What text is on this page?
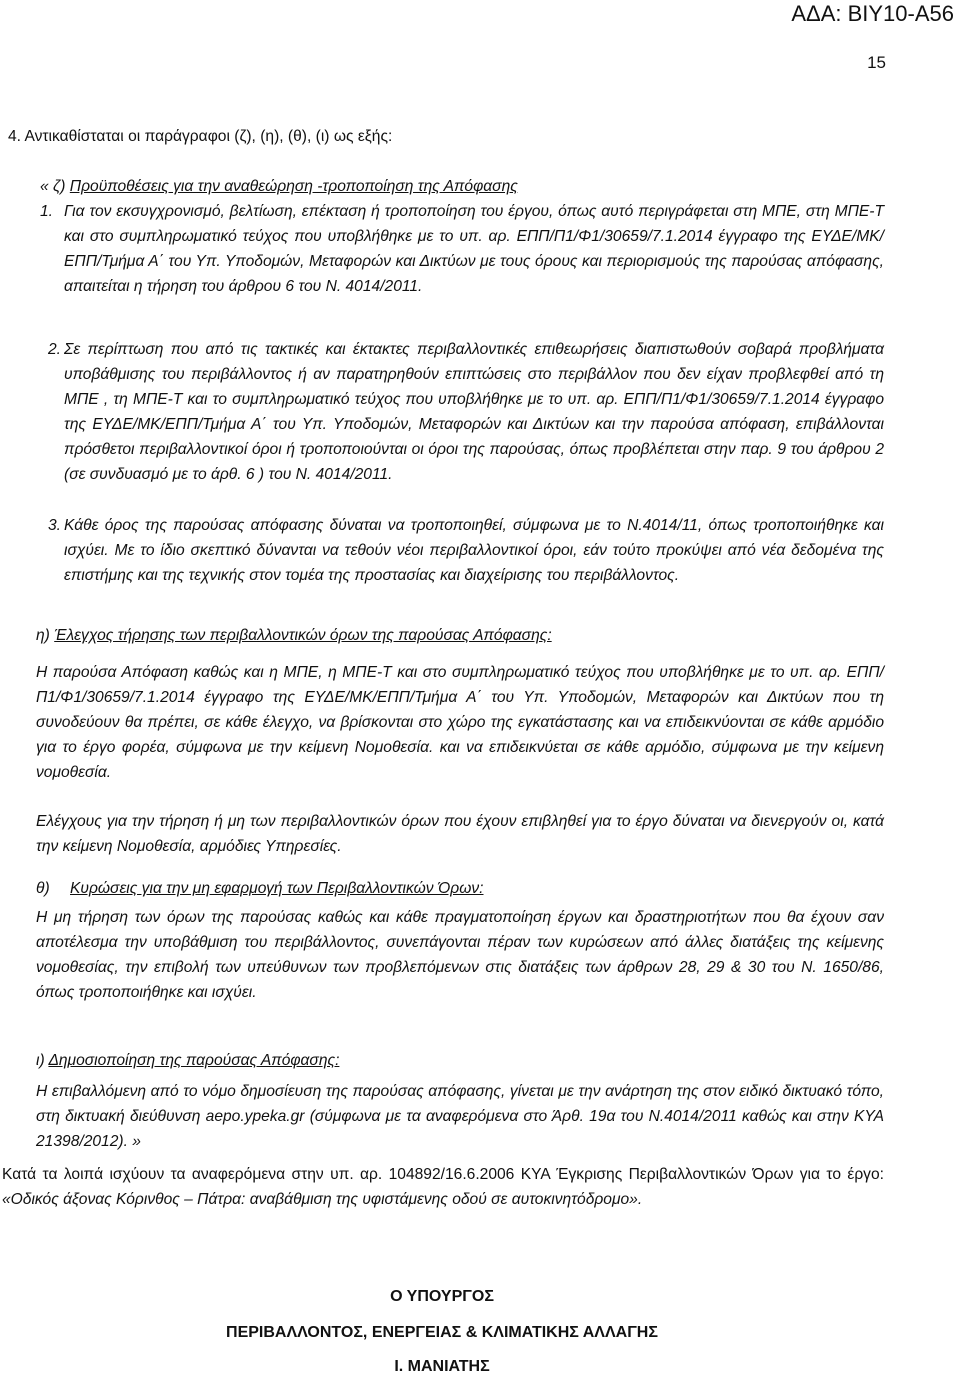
ΑΔΑ: ΒΙΥ10-Α56
15

4. Αντικαθίσταται οι παράγραφοι (ζ), (η), (θ), (ι) ως εξής:

« ζ) Προϋποθέσεις για την αναθεώρηση -τροποποίηση της Απόφασης

1. Για τον εκσυγχρονισμό, βελτίωση, επέκταση ή τροποποίηση του έργου, όπως αυτό περιγράφεται στη ΜΠΕ, στη ΜΠΕ-Τ και στο συμπληρωματικό τεύχος που υποβλήθηκε με το υπ. αρ. ΕΠΠ/Π1/Φ1/30659/7.1.2014 έγγραφο της ΕΥΔΕ/ΜΚ/ΕΠΠ/Τμήμα Α΄ του Υπ. Υποδομών, Μεταφορών και Δικτύων με τους όρους και περιορισμούς της παρούσας απόφασης, απαιτείται η τήρηση του άρθρου 6 του Ν. 4014/2011.

2. Σε περίπτωση που από τις τακτικές και έκτακτες περιβαλλοντικές επιθεωρήσεις διαπιστωθούν σοβαρά προβλήματα υποβάθμισης του περιβάλλοντος ή αν παρατηρηθούν επιπτώσεις στο περιβάλλον που δεν είχαν προβλεφθεί από τη ΜΠΕ , τη ΜΠΕ-Τ και το συμπληρωματικό τεύχος που υποβλήθηκε με το υπ. αρ. ΕΠΠ/Π1/Φ1/30659/7.1.2014 έγγραφο της ΕΥΔΕ/ΜΚ/ΕΠΠ/Τμήμα Α΄ του Υπ. Υποδομών, Μεταφορών και Δικτύων και την παρούσα απόφαση, επιβάλλονται πρόσθετοι περιβαλλοντικοί όροι ή τροποποιούνται οι όροι της παρούσας, όπως προβλέπεται στην παρ. 9 του άρθρου 2 (σε συνδυασμό με το άρθ. 6 ) του Ν. 4014/2011.

3. Κάθε όρος της παρούσας απόφασης δύναται να τροποποιηθεί, σύμφωνα με το Ν.4014/11, όπως τροποποιήθηκε και ισχύει. Με το ίδιο σκεπτικό δύνανται να τεθούν νέοι περιβαλλοντικοί όροι, εάν τούτο προκύψει από νέα δεδομένα της επιστήμης και της τεχνικής στον τομέα της προστασίας και διαχείρισης του περιβάλλοντος.

η) Έλεγχος τήρησης των περιβαλλοντικών όρων της παρούσας Απόφασης:

Η παρούσα Απόφαση καθώς και η ΜΠΕ, η ΜΠΕ-Τ και στο συμπληρωματικό τεύχος που υποβλήθηκε με το υπ. αρ. ΕΠΠ/Π1/Φ1/30659/7.1.2014 έγγραφο της ΕΥΔΕ/ΜΚ/ΕΠΠ/Τμήμα Α΄ του Υπ. Υποδομών, Μεταφορών και Δικτύων που τη συνοδεύουν θα πρέπει, σε κάθε έλεγχο, να βρίσκονται στο χώρο της εγκατάστασης και να επιδεικνύονται σε κάθε αρμόδιο για το έργο φορέα, σύμφωνα με την κείμενη Νομοθεσία. και να επιδεικνύεται σε κάθε αρμόδιο, σύμφωνα με την κείμενη νομοθεσία.

Ελέγχους για την τήρηση ή μη των περιβαλλοντικών όρων που έχουν επιβληθεί για το έργο δύναται να διενεργούν οι, κατά την κείμενη Νομοθεσία, αρμόδιες Υπηρεσίες.

θ) Κυρώσεις για την μη εφαρμογή των Περιβαλλοντικών Όρων:

Η μη τήρηση των όρων της παρούσας καθώς και κάθε πραγματοποίηση έργων και δραστηριοτήτων που θα έχουν σαν αποτέλεσμα την υποβάθμιση του περιβάλλοντος, συνεπάγονται πέραν των κυρώσεων από άλλες διατάξεις της κείμενης νομοθεσίας, την επιβολή των υπεύθυνων των προβλεπόμενων στις διατάξεις των άρθρων 28, 29 & 30 του Ν. 1650/86, όπως τροποποιήθηκε και ισχύει.

ι) Δημοσιοποίηση της παρούσας Απόφασης:

Η επιβαλλόμενη από το νόμο δημοσίευση της παρούσας απόφασης, γίνεται με την ανάρτηση της στον ειδικό δικτυακό τόπο, στη δικτυακή διεύθυνση aepo.ypeka.gr (σύμφωνα με τα αναφερόμενα στο Άρθ. 19α του Ν.4014/2011 καθώς και στην ΚΥΑ 21398/2012). »

Κατά τα λοιπά ισχύουν τα αναφερόμενα στην υπ. αρ. 104892/16.6.2006 ΚΥΑ Έγκρισης Περιβαλλοντικών Όρων για το έργο: «Οδικός άξονας Κόρινθος – Πάτρα: αναβάθμιση της υφιστάμενης οδού σε αυτοκινητόδρομο».

Ο ΥΠΟΥΡΓΟΣ
ΠΕΡΙΒΑΛΛΟΝΤΟΣ, ΕΝΕΡΓΕΙΑΣ & ΚΛΙΜΑΤΙΚΗΣ ΑΛΛΑΓΗΣ
Ι. ΜΑΝΙΑΤΗΣ
